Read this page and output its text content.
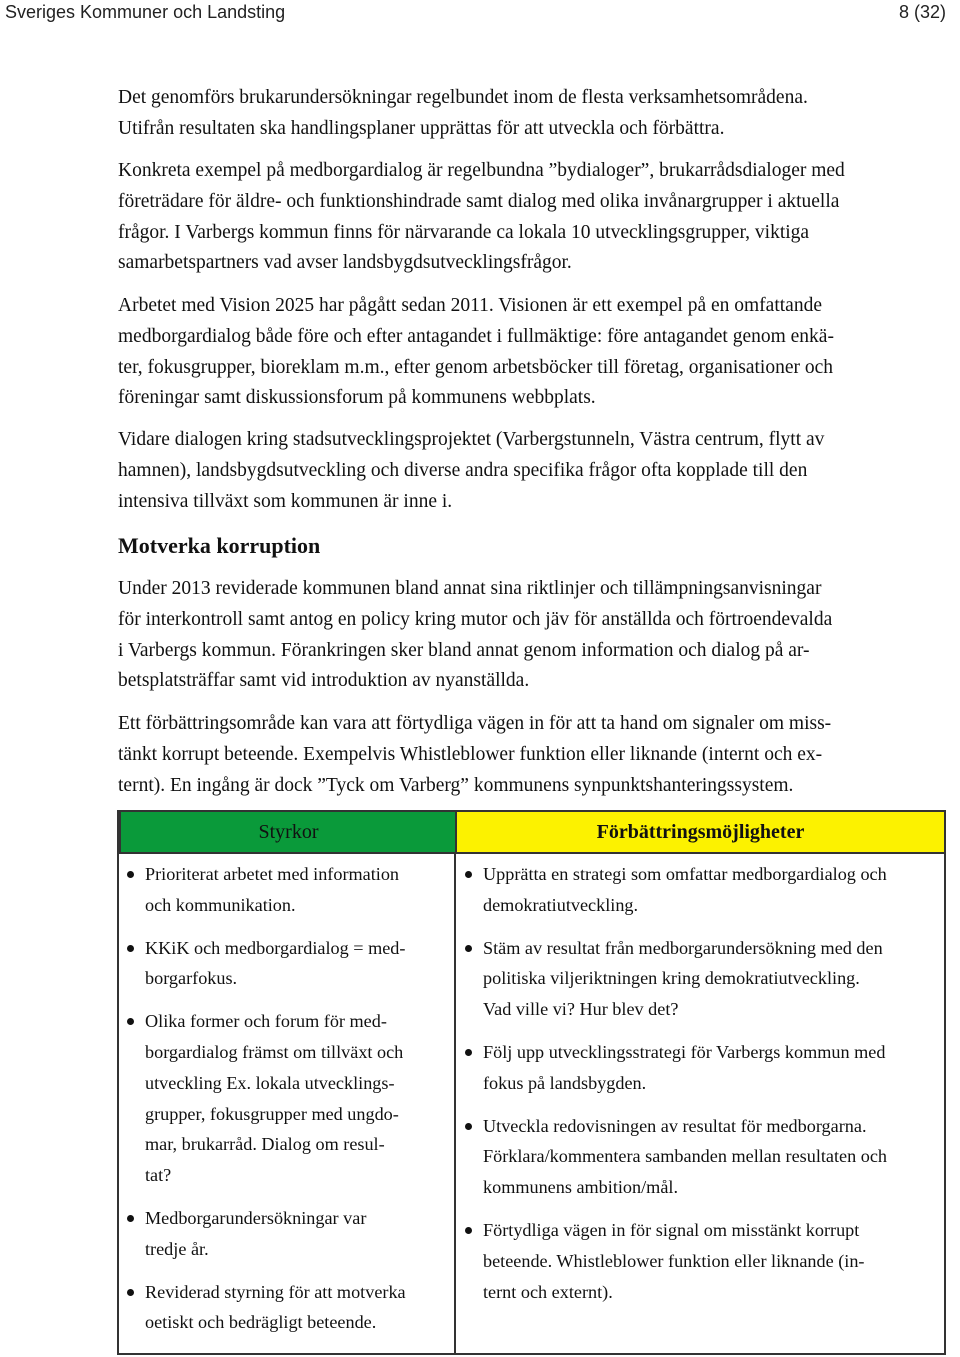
Sveriges Kommuner och Landsting	8 (32)
Det genomförs brukarundersökningar regelbundet inom de flesta verksamhetsområdena.
Utifrån resultaten ska handlingsplaner upprättas för att utveckla och förbättra.
Konkreta exempel på medborgardialog är regelbundna ”bydialoger”, brukarrådsdialoger med
företrädare för äldre- och funktionshindrade samt dialog med olika invånargrupper i aktuella
frågor. I Varbergs kommun finns för närvarande ca lokala 10 utvecklingsgrupper, viktiga
samarbetspartners vad avser landsbygdsutvecklingsfrågor.
Arbetet med Vision 2025 har pågått sedan 2011. Visionen är ett exempel på en omfattande
medborgardialog både före och efter antagandet i fullmäktige: före antagandet genom enkä-
ter, fokusgrupper, bioreklam m.m., efter genom arbetsböcker till företag, organisationer och
föreningar samt diskussionsforum på kommunens webbplats.
Vidare dialogen kring stadsutvecklingsprojektet (Varbergstunneln, Västra centrum, flytt av
hamnen), landsbygdsutveckling och diverse andra specifika frågor ofta kopplade till den
intensiva tillväxt som kommunen är inne i.
Motverka korruption
Under 2013 reviderade kommunen bland annat sina riktlinjer och tillämpningsanvisningar
för interkontroll samt antog en policy kring mutor och jäv för anställda och förtroendevalda
i Varbergs kommun. Förankringen sker bland annat genom information och dialog på ar-
betsplatsträffar samt vid introduktion av nyanställda.
Ett förbättringsområde kan vara att förtydliga vägen in för att ta hand om signaler om miss-
tänkt korrupt beteende. Exempelvis Whistleblower funktion eller liknande (internt och ex-
ternt). En ingång är dock ”Tyck om Varberg” kommunens synpunktshanteringssystem.
Styrkor	Förbättringsmöjligheter
Prioriterat arbetet med information
och kommunikation.
KKiK och medborgardialog = med-
borgarfokus.
Olika former och forum för med-
borgardialog främst om tillväxt och
utveckling Ex. lokala utvecklings-
grupper, fokusgrupper med ungdo-
mar, brukarråd. Dialog om resul-
tat?
Medborgarundersökningar var
tredje år.
Reviderad styrning för att motverka
oetiskt och bedrägligt beteende.
Upprätta en strategi som omfattar medborgardialog och
demokratiutveckling.
Stäm av resultat från medborgarundersökning med den
politiska viljeriktningen kring demokratiutveckling.
Vad ville vi? Hur blev det?
Följ upp utvecklingsstrategi för Varbergs kommun med
fokus på landsbygden.
Utveckla redovisningen av resultat för medborgarna.
Förklara/kommentera sambanden mellan resultaten och
kommunens ambition/mål.
Förtydliga vägen in för signal om misstänkt korrupt
beteende. Whistleblower funktion eller liknande (in-
ternt och externt).
